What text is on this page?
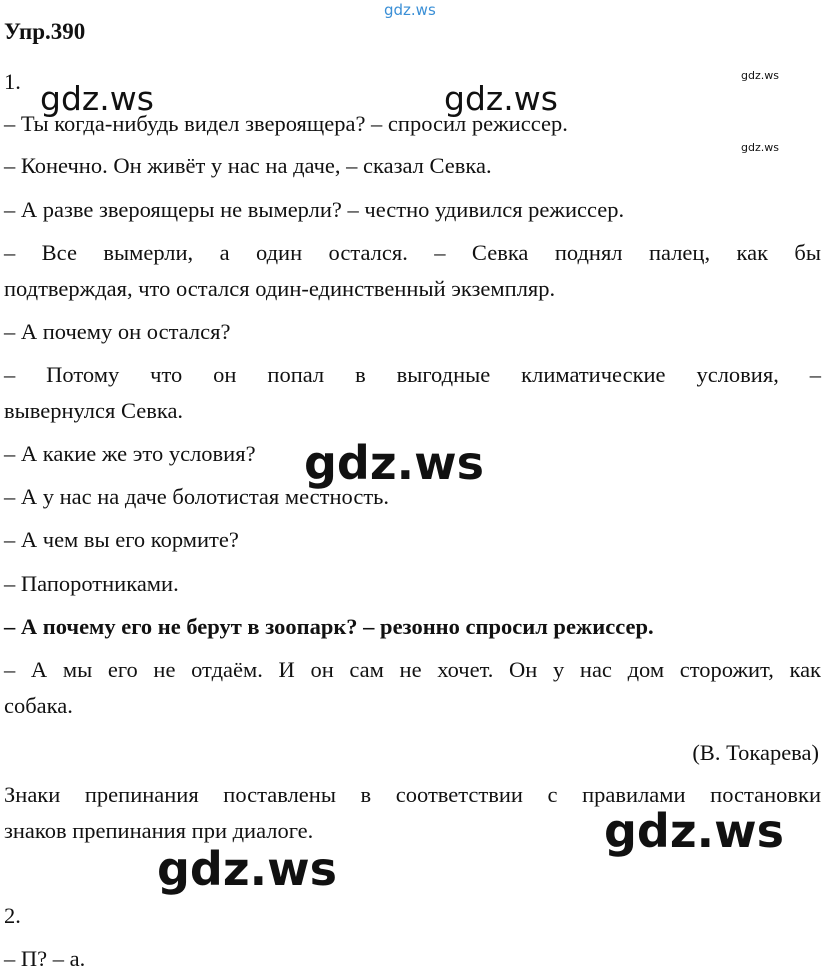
gdz.ws
Упр.390
1.
– Ты когда-нибудь видел звероящера? – спросил режиссер.
– Конечно. Он живёт у нас на даче, – сказал Севка.
– А разве звероящеры не вымерли? – честно удивился режиссер.
– Все вымерли, а один остался. – Севка поднял палец, как бы
подтверждая, что остался один-единственный экземпляр.
– А почему он остался?
– Потому что он попал в выгодные климатические условия, –
вывернулся Севка.
– А какие же это условия?
– А у нас на даче болотистая местность.
– А чем вы его кормите?
– Папоротниками.
– А почему его не берут в зоопарк? – резонно спросил режиссер.
– А мы его не отдаём. И он сам не хочет. Он у нас дом сторожит, как
собака.
(В. Токарева)
Знаки препинания поставлены в соответствии с правилами постановки
знаков препинания при диалоге.
2.
– П? – а.
gdz.ws	gdz.ws
gdz.ws
gdz.ws
gdz.ws
gdz.ws
gdz.ws
